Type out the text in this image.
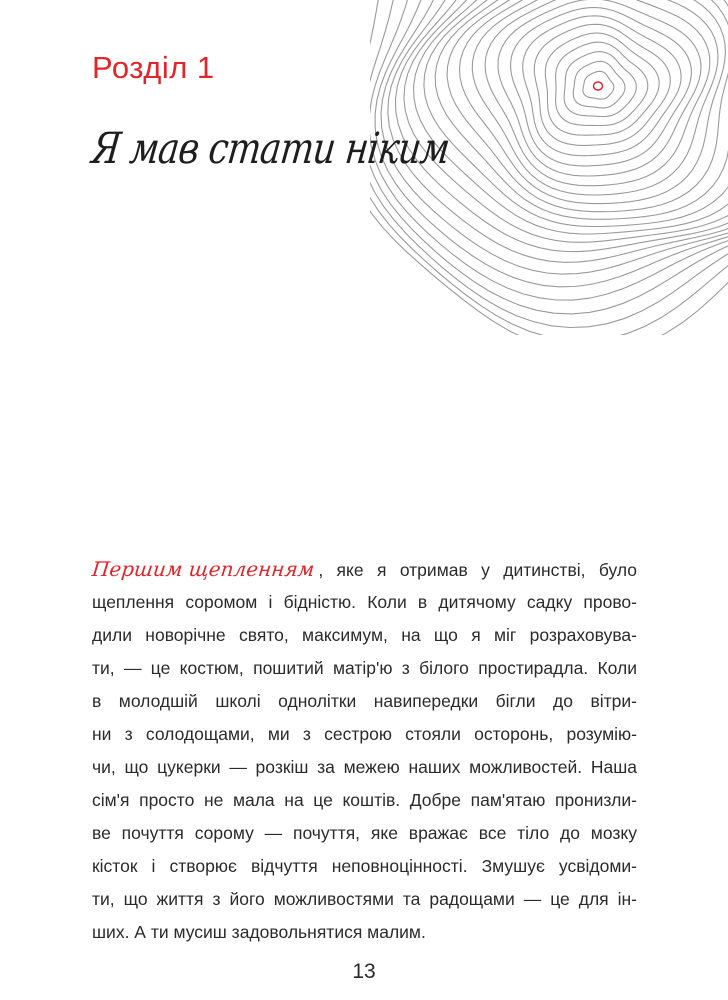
Розділ 1
Я мав стати ніким
Першим щепленням , яке я отримав у дитинстві, було
щеплення соромом і бідністю. Коли в дитячому садку прово-
дили новорічне свято, максимум, на що я міг розраховува-
ти, — це костюм, пошитий матір'ю з білого простирадла. Коли
в молодшій школі однолітки навипередки бігли до вітри-
ни з солодощами, ми з сестрою стояли осторонь, розумію-
чи, що цукерки — розкіш за межею наших можливостей. Наша
сім'я просто не мала на це коштів. Добре пам'ятаю пронизли-
ве почуття сорому — почуття, яке вражає все тіло до мозку
кісток і створює відчуття неповноцінності. Змушує усвідоми-
ти, що життя з його можливостями та радощами — це для ін-
ших. А ти мусиш задовольнятися малим.
13
